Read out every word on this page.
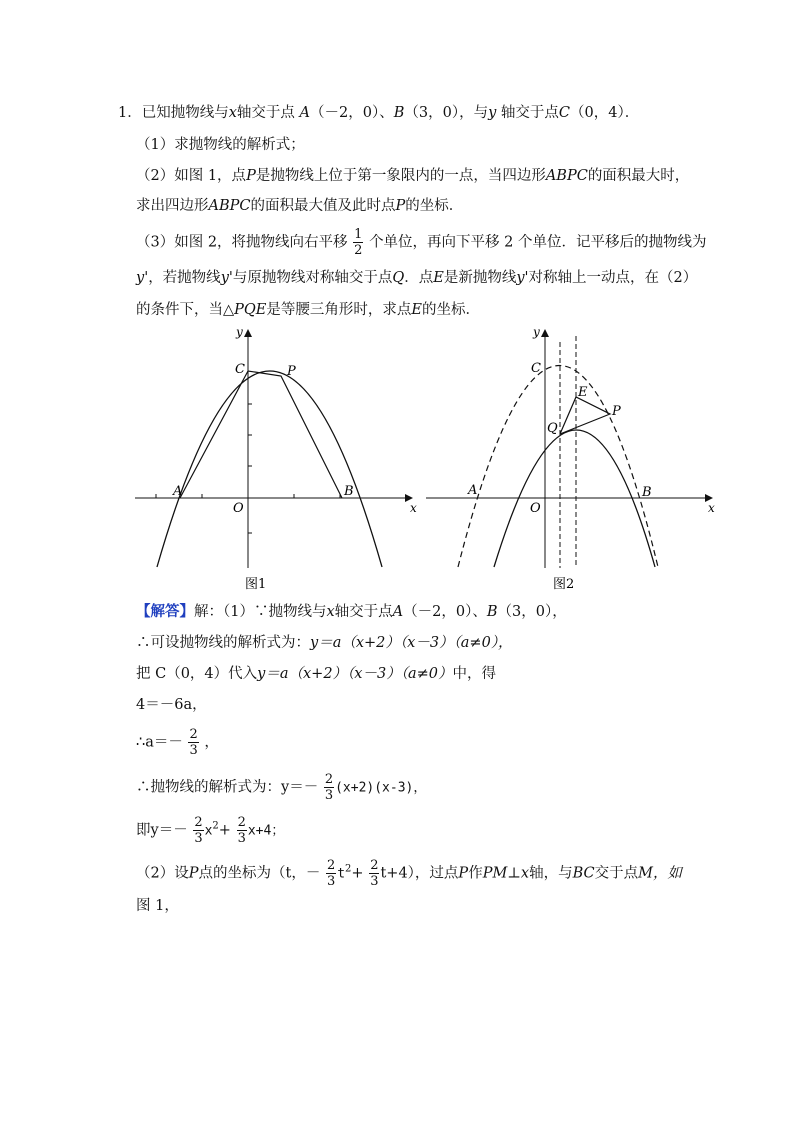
1．已知抛物线与x轴交于点 A（－2，0）、B（3，0），与y 轴交于点C（0，4）．
（1）求抛物线的解析式；
（2）如图 1，点P是抛物线上位于第一象限内的一点，当四边形ABPC的面积最大时，
求出四边形ABPC的面积最大值及此时点P的坐标．
（3）如图 2，将抛物线向右平移 $\frac{1}{2}$ 个单位，再向下平移 2 个单位．记平移后的抛物线为
y'，若抛物线y'与原抛物线对称轴交于点Q．点E是新抛物线y'对称轴上一动点，在（2）
的条件下，当△PQE是等腰三角形时，求点E的坐标．
y
x
C	P
A	B
O
图1
y
x
C
E
P
Q
A	B
O
图2
【解答】解：（1）∵抛物线与x轴交于点A（－2，0）、B（3，0），
∴可设抛物线的解析式为：y＝a（x+2）（x－3）（a≠0），
把 C（0，4）代入y＝a（x+2）（x－3）（a≠0）中，得
4＝－6a，
∴a＝－ $\frac{2}{3}$ ，
∴抛物线的解析式为：$y=- \frac{2}{3} (x+2)(x-3)$，
即$y=- \frac{2}{3} x^2+ \frac{2}{3} x+4$；
（2）设P点的坐标为（t，－ $\frac{2}{3} t^2+ \frac{2}{3} t+4$），过点P作PM⊥x轴，与BC交于点M，如
图 1，
